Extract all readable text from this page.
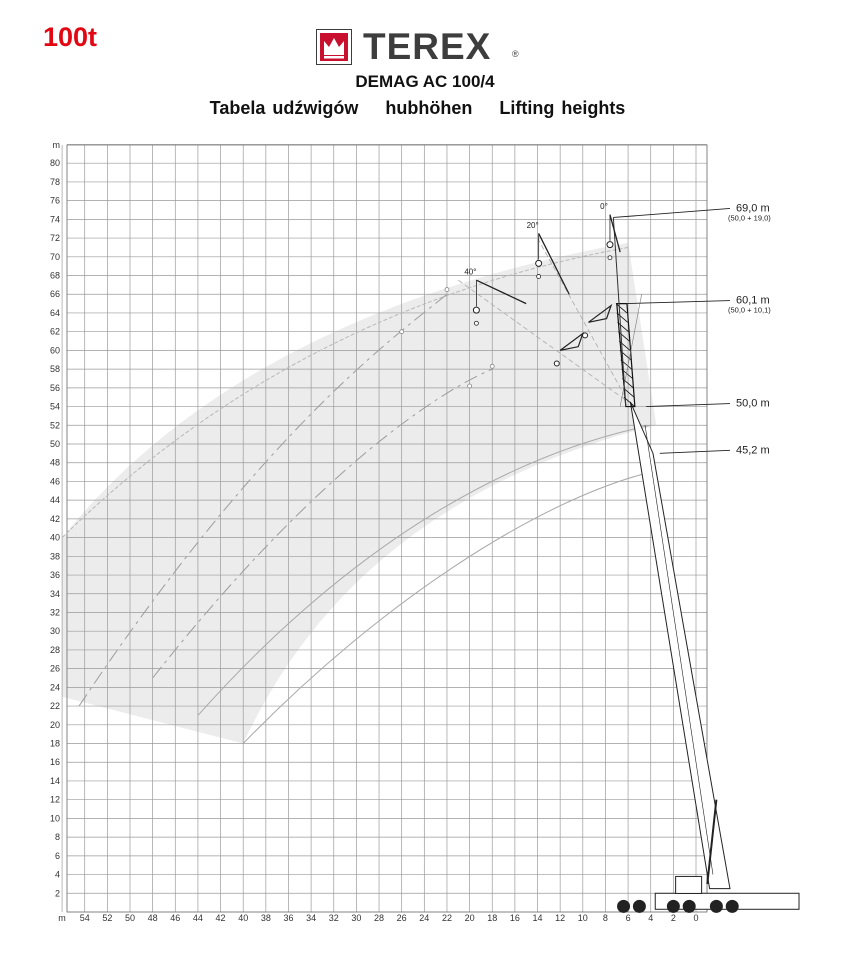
100t	TEREX ®
DEMAG AC 100/4
Tabela udźwigów hubhöhen Lifting heights
0°
20°
40°
2
4
6
8
10
12
14
16
18
20
22
24
26
28
30
32
34
36
38
40
42
44
46
48
50
52
54
56
58
60
62
64
66
68
70
72
74
76
78
80
m
54 52 50 48 46 44 42 40 38 36 34 32 30 28 26 24 22 20 18 16 14 12 10 8 6 4 2 0
m
69,0 m
(50,0 + 19,0)
60,1 m
(50,0 + 10,1)
50,0 m
45,2 m
